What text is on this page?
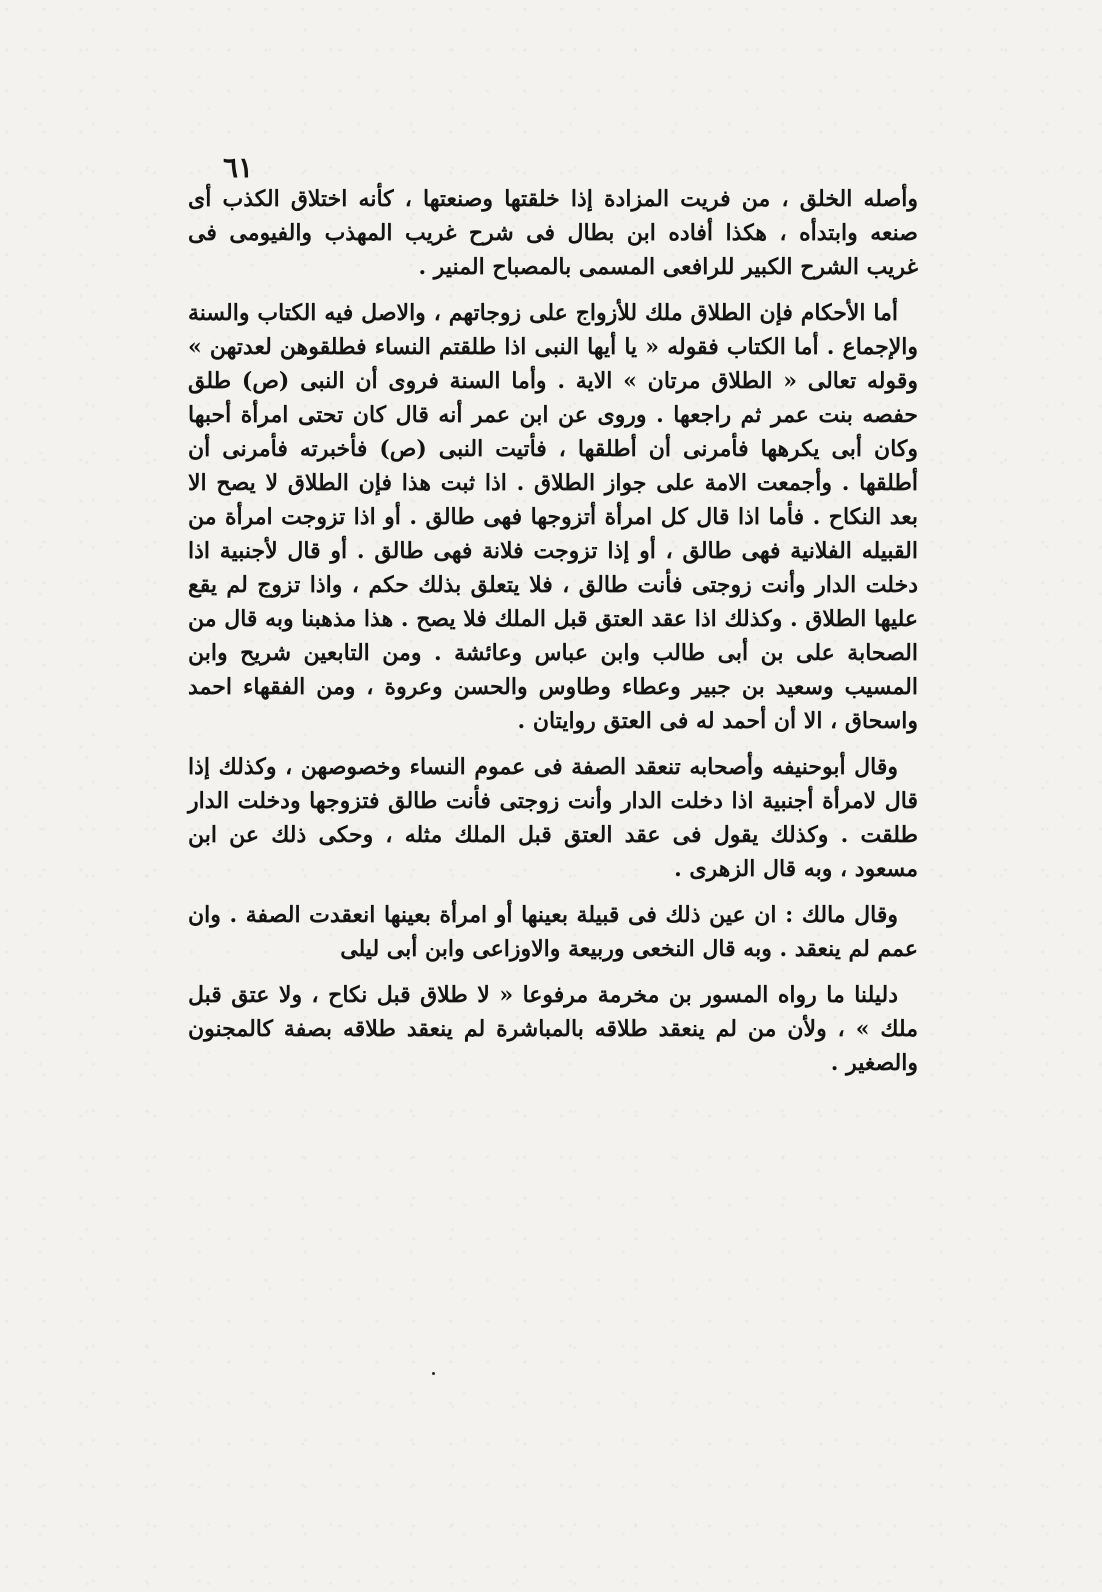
٦١

وأصله الخلق ، من فريت المزادة إذا خلقتها وصنعتها ، كأنه اختلاق الكذب أى صنعه وابتدأه ، هكذا أفاده ابن بطال فى شرح غريب المهذب والفيومى فى غريب الشرح الكبير للرافعى المسمى بالمصباح المنير .

أما الأحكام فإن الطلاق ملك للأزواج على زوجاتهم ، والاصل فيه الكتاب والسنة والإجماع . أما الكتاب فقوله « يا أيها النبى اذا طلقتم النساء فطلقوهن لعدتهن » وقوله تعالى « الطلاق مرتان » الاية . وأما السنة فروى أن النبى (ص) طلق حفصه بنت عمر ثم راجعها . وروى عن ابن عمر أنه قال كان تحتى امرأة أحبها وكان أبى يكرهها فأمرنى أن أطلقها ، فأتيت النبى (ص) فأخبرته فأمرنى أن أطلقها . وأجمعت الامة على جواز الطلاق . اذا ثبت هذا فإن الطلاق لا يصح الا بعد النكاح . فأما اذا قال كل امرأة أتزوجها فهى طالق . أو اذا تزوجت امرأة من القبيله الفلانية فهى طالق ، أو إذا تزوجت فلانة فهى طالق . أو قال لأجنبية اذا دخلت الدار وأنت زوجتى فأنت طالق ، فلا يتعلق بذلك حكم ، واذا تزوج لم يقع عليها الطلاق . وكذلك اذا عقد العتق قبل الملك فلا يصح . هذا مذهبنا وبه قال من الصحابة على بن أبى طالب وابن عباس وعائشة . ومن التابعين شريح وابن المسيب وسعيد بن جبير وعطاء وطاوس والحسن وعروة ، ومن الفقهاء احمد واسحاق ، الا أن أحمد له فى العتق روايتان .

وقال أبوحنيفه وأصحابه تنعقد الصفة فى عموم النساء وخصوصهن ، وكذلك إذا قال لامرأة أجنبية اذا دخلت الدار وأنت زوجتى فأنت طالق فتزوجها ودخلت الدار طلقت . وكذلك يقول فى عقد العتق قبل الملك مثله ، وحكى ذلك عن ابن مسعود ، وبه قال الزهرى .

وقال مالك : ان عين ذلك فى قبيلة بعينها أو امرأة بعينها انعقدت الصفة . وان عمم لم ينعقد . وبه قال النخعى وربيعة والاوزاعى وابن أبى ليلى

دليلنا ما رواه المسور بن مخرمة مرفوعا « لا طلاق قبل نكاح ، ولا عتق قبل ملك » ، ولأن من لم ينعقد طلاقه بالمباشرة لم ينعقد طلاقه بصفة كالمجنون والصغير .
